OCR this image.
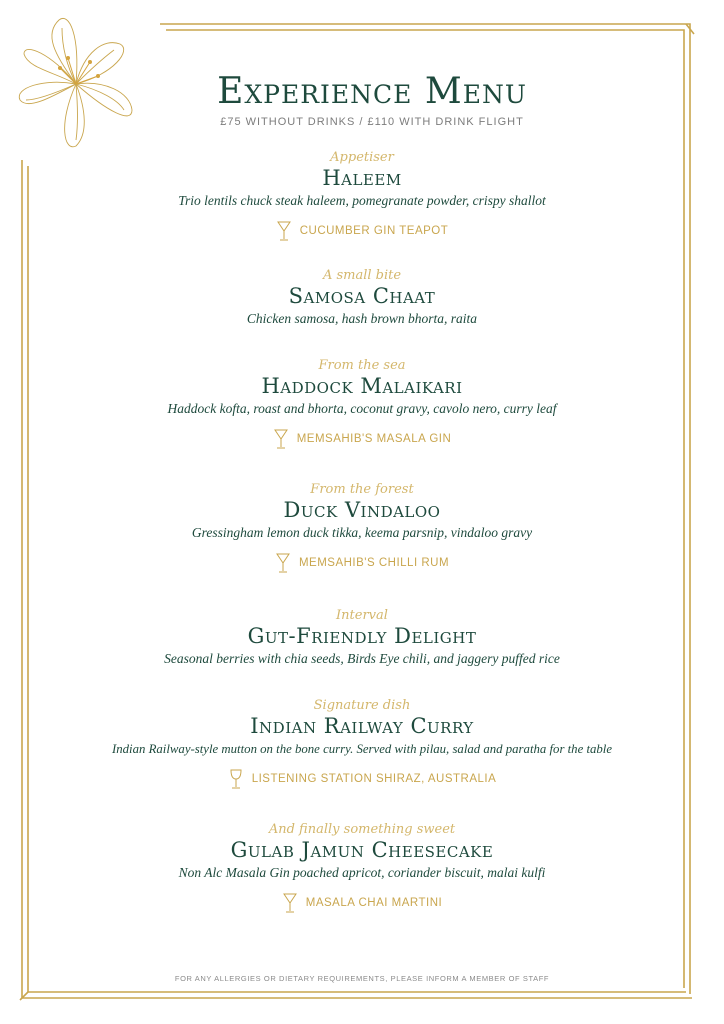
Experience Menu
£75 WITHOUT DRINKS / £110 WITH DRINK FLIGHT
Appetiser
Haleem
Trio lentils chuck steak haleem, pomegranate powder, crispy shallot
CUCUMBER GIN TEAPOT
A small bite
Samosa Chaat
Chicken samosa, hash brown bhorta, raita
From the sea
Haddock Malaikari
Haddock kofta, roast and bhorta, coconut gravy, cavolo nero, curry leaf
MEMSAHIB'S MASALA GIN
From the forest
Duck Vindaloo
Gressingham lemon duck tikka, keema parsnip, vindaloo gravy
MEMSAHIB'S CHILLI RUM
Interval
Gut-Friendly Delight
Seasonal berries with chia seeds, Birds Eye chili, and jaggery puffed rice
Signature dish
Indian Railway Curry
Indian Railway-style mutton on the bone curry. Served with pilau, salad and paratha for the table
LISTENING STATION SHIRAZ, AUSTRALIA
And finally something sweet
Gulab Jamun Cheesecake
Non Alc Masala Gin poached apricot, coriander biscuit, malai kulfi
MASALA CHAI MARTINI
FOR ANY ALLERGIES OR DIETARY REQUIREMENTS, PLEASE INFORM A MEMBER OF STAFF
